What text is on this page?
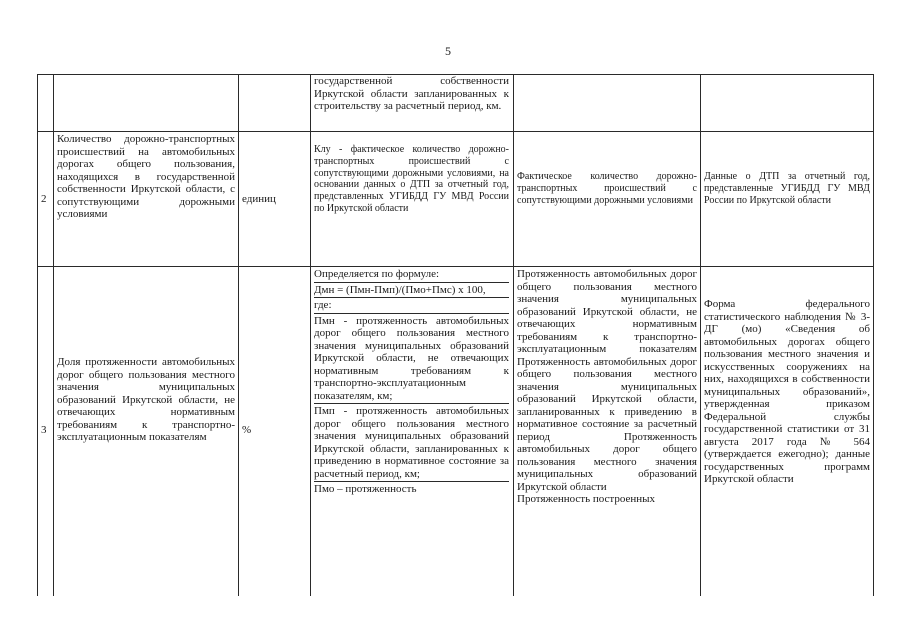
5
государственной собственности Иркутской области запланированных к строительству за расчетный период, км.
2
Количество дорожно-транспортных происшествий на автомобильных дорогах общего пользования, находящихся в государственной собственности Иркутской области, с сопутствующими дорожными условиями
единиц
Клу - фактическое количество дорожно-транспортных происшествий с сопутствующими дорожными условиями, на основании данных о ДТП за отчетный год, представленных УГИБДД ГУ МВД России по Иркутской области
Фактическое количество дорожно-транспортных происшествий с сопутствующими дорожными условиями
Данные о ДТП за отчетный год, представленные УГИБДД ГУ МВД России по Иркутской области
3
Доля протяженности автомобильных дорог общего пользования местного значения муниципальных образований Иркутской области, не отвечающих нормативным требованиям к транспортно-эксплуатационным показателям
%
Определяется по формуле:
Дмн = (Пмн-Пмп)/(Пмо+Пмс) х 100,
где:
Пмн - протяженность автомобильных дорог общего пользования местного значения муниципальных образований Иркутской области, не отвечающих нормативным требованиям к транспортно-эксплуатационным показателям, км;
Пмп - протяженность автомобильных дорог общего пользования местного значения муниципальных образований Иркутской области, запланированных к приведению в нормативное состояние за расчетный период, км;
Пмо – протяженность
Протяженность автомобильных дорог общего пользования местного значения муниципальных образований Иркутской области, не отвечающих нормативным требованиям к транспортно-эксплуатационным показателям Протяженность автомобильных дорог общего пользования местного значения муниципальных образований Иркутской области, запланированных к приведению в нормативное состояние за расчетный период Протяженность автомобильных дорог общего пользования местного значения муниципальных образований Иркутской области
Протяженность построенных
Форма федерального статистического наблюдения № 3-ДГ (мо) «Сведения об автомобильных дорогах общего пользования местного значения и искусственных сооружениях на них, находящихся в собственности муниципальных образований», утвержденная приказом Федеральной службы государственной статистики от 31 августа 2017 года № 564 (утверждается ежегодно); данные государственных программ Иркутской области
